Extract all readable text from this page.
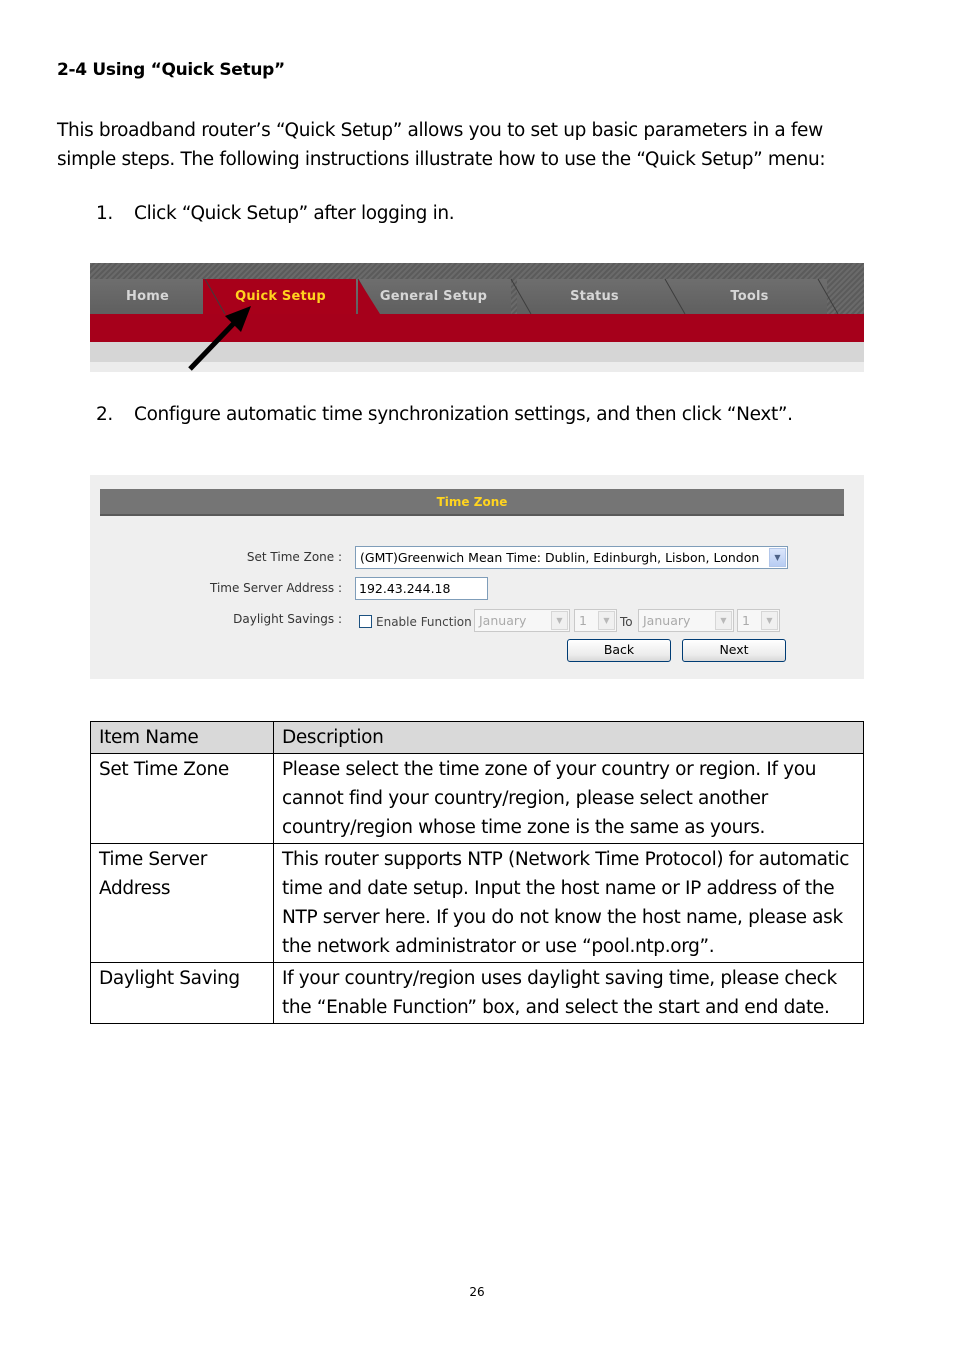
2-4 Using “Quick Setup”

This broadband router’s “Quick Setup” allows you to set up basic parameters in a few simple steps. The following instructions illustrate how to use the “Quick Setup” menu:

1. Click “Quick Setup” after logging in.
Home	Quick Setup	General Setup	Status	Tools
2. Configure automatic time synchronization settings, and then click “Next”.
Time Zone
Set Time Zone :	(GMT)Greenwich Mean Time: Dublin, Edinburgh, Lisbon, London	▼
Time Server Address :	192.43.244.18
Daylight Savings :	Enable Function January	▼	1	▼ To January	▼	1	▼
Back	Next
Item Name	Description
Set Time Zone	Please select the time zone of your country or region. If you cannot find your country/region, please select another country/region whose time zone is the same as yours.
Time Server Address	This router supports NTP (Network Time Protocol) for automatic time and date setup. Input the host name or IP address of the NTP server here. If you do not know the host name, please ask the network administrator or use “pool.ntp.org”.
Daylight Saving	If your country/region uses daylight saving time, please check the “Enable Function” box, and select the start and end date.
26
